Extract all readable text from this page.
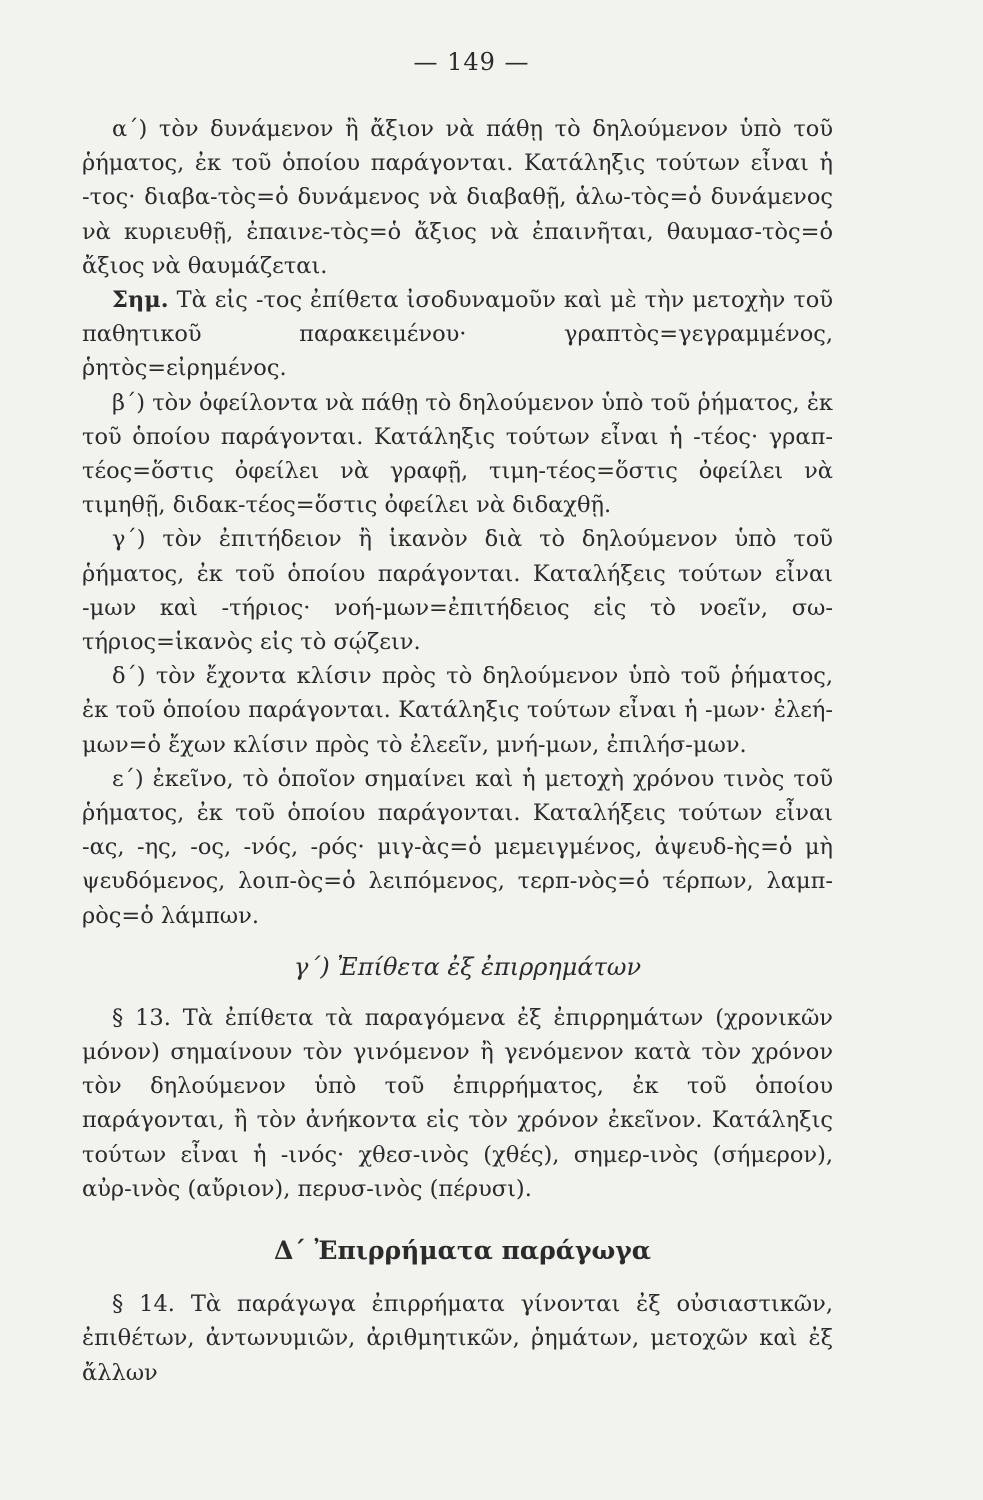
— 149 —

α΄) τὸν δυνάμενον ἢ ἄξιον νὰ πάθῃ τὸ δηλούμενον ὑπὸ τοῦ ῥήματος, ἐκ τοῦ ὁποίου παράγονται. Κατάληξις τούτων εἶναι ἡ -τος· διαβα-τὸς=ὁ δυνάμενος νὰ διαβαθῇ, ἁλω-τὸς=ὁ δυνάμενος νὰ κυριευθῇ, ἐπαινε-τὸς=ὁ ἄξιος νὰ ἐπαινῆται, θαυμασ-τὸς=ὁ ἄξιος νὰ θαυμάζεται.

Σημ. Τὰ εἰς -τος ἐπίθετα ἰσοδυναμοῦν καὶ μὲ τὴν μετοχὴν τοῦ παθητικοῦ παρακειμένου· γραπτὸς=γεγραμμένος, ῥητὸς=εἰρημένος.

β΄) τὸν ὀφείλοντα νὰ πάθῃ τὸ δηλούμενον ὑπὸ τοῦ ῥήματος, ἐκ τοῦ ὁποίου παράγονται. Κατάληξις τούτων εἶναι ἡ -τέος· γραπ-τέος=ὅστις ὀφείλει νὰ γραφῇ, τιμη-τέος=ὅστις ὀφείλει νὰ τιμηθῇ, διδακ-τέος=ὅστις ὀφείλει νὰ διδαχθῇ.

γ΄) τὸν ἐπιτήδειον ἢ ἱκανὸν διὰ τὸ δηλούμενον ὑπὸ τοῦ ῥήματος, ἐκ τοῦ ὁποίου παράγονται. Καταλήξεις τούτων εἶναι -μων καὶ -τήριος· νοή-μων=ἐπιτήδειος εἰς τὸ νοεῖν, σω-τήριος=ἱκανὸς εἰς τὸ σῴζειν.

δ΄) τὸν ἔχοντα κλίσιν πρὸς τὸ δηλούμενον ὑπὸ τοῦ ῥήματος, ἐκ τοῦ ὁποίου παράγονται. Κατάληξις τούτων εἶναι ἡ -μων· ἐλεή-μων=ὁ ἔχων κλίσιν πρὸς τὸ ἐλεεῖν, μνή-μων, ἐπιλήσ-μων.

ε΄) ἐκεῖνο, τὸ ὁποῖον σημαίνει καὶ ἡ μετοχὴ χρόνου τινὸς τοῦ ῥήματος, ἐκ τοῦ ὁποίου παράγονται. Καταλήξεις τούτων εἶναι -ας, -ης, -ος, -νός, -ρός· μιγ-ὰς=ὁ μεμειγμένος, ἀψευδ-ὴς=ὁ μὴ ψευδόμενος, λοιπ-ὸς=ὁ λειπόμενος, τερπ-νὸς=ὁ τέρπων, λαμπ-ρὸς=ὁ λάμπων.

γ΄) Ἐπίθετα ἐξ ἐπιρρημάτων

§ 13. Τὰ ἐπίθετα τὰ παραγόμενα ἐξ ἐπιρρημάτων (χρονικῶν μόνον) σημαίνουν τὸν γινόμενον ἢ γενόμενον κατὰ τὸν χρόνον τὸν δηλούμενον ὑπὸ τοῦ ἐπιρρήματος, ἐκ τοῦ ὁποίου παράγονται, ἢ τὸν ἀνήκοντα εἰς τὸν χρόνον ἐκεῖνον. Κατάληξις τούτων εἶναι ἡ -ινός· χθεσ-ινὸς (χθές), σημερ-ινὸς (σήμερον), αὐρ-ινὸς (αὔριον), περυσ-ινὸς (πέρυσι).

Δ΄ Ἐπιρρήματα παράγωγα

§ 14. Τὰ παράγωγα ἐπιρρήματα γίνονται ἐξ οὐσιαστικῶν, ἐπιθέτων, ἀντωνυμιῶν, ἀριθμητικῶν, ῥημάτων, μετοχῶν καὶ ἐξ ἄλλων
